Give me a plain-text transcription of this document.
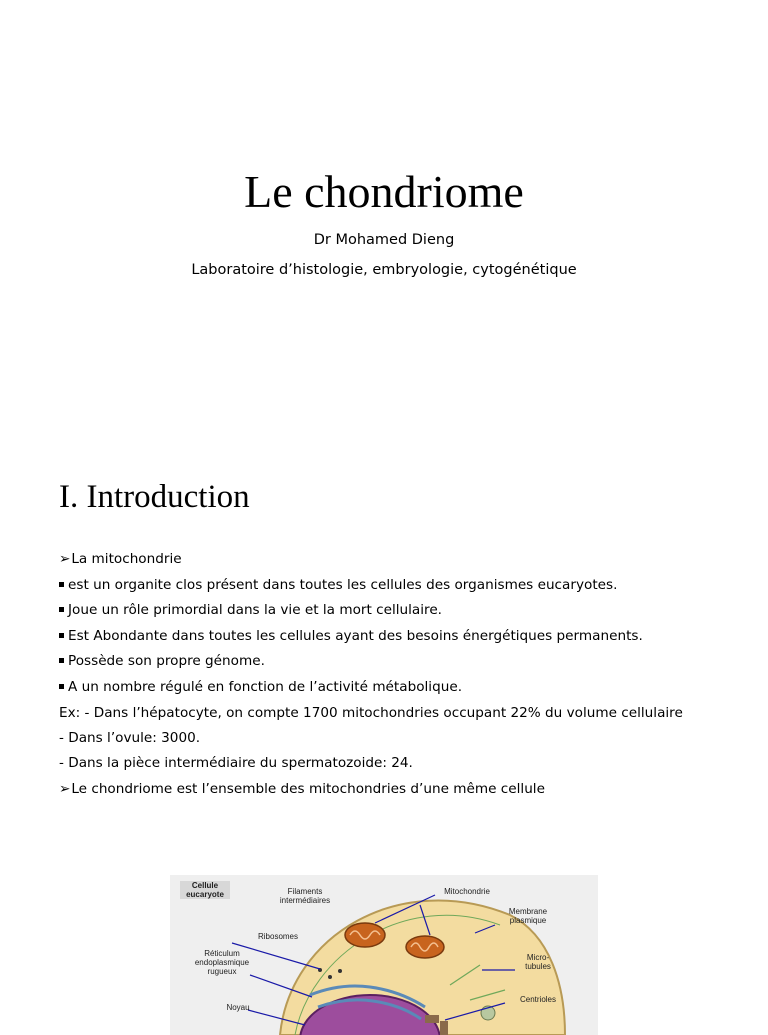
Le chondriome
Dr Mohamed Dieng
Laboratoire d’histologie, embryologie, cytogénétique
I. Introduction
➢ La mitochondrie
est un organite clos présent dans toutes les cellules des organismes eucaryotes.
Joue un rôle primordial dans la vie et la mort cellulaire.
Est Abondante dans toutes les cellules ayant des besoins énergétiques permanents.
Possède son propre génome.
A un nombre régulé en fonction de l’activité métabolique.
Ex: - Dans l’hépatocyte, on compte 1700 mitochondries occupant 22% du volume cellulaire
- Dans l’ovule: 3000.
- Dans la pièce intermédiaire du spermatozoide: 24.
➢ Le chondriome est l’ensemble des mitochondries d’une même cellule
Cellule eucaryote	Filaments intermédiaires
Mitochondrie
Membrane plasmique
Ribosomes
Réticulum endoplasmique rugueux
Micro-tubules
Centrioles
Noyau
